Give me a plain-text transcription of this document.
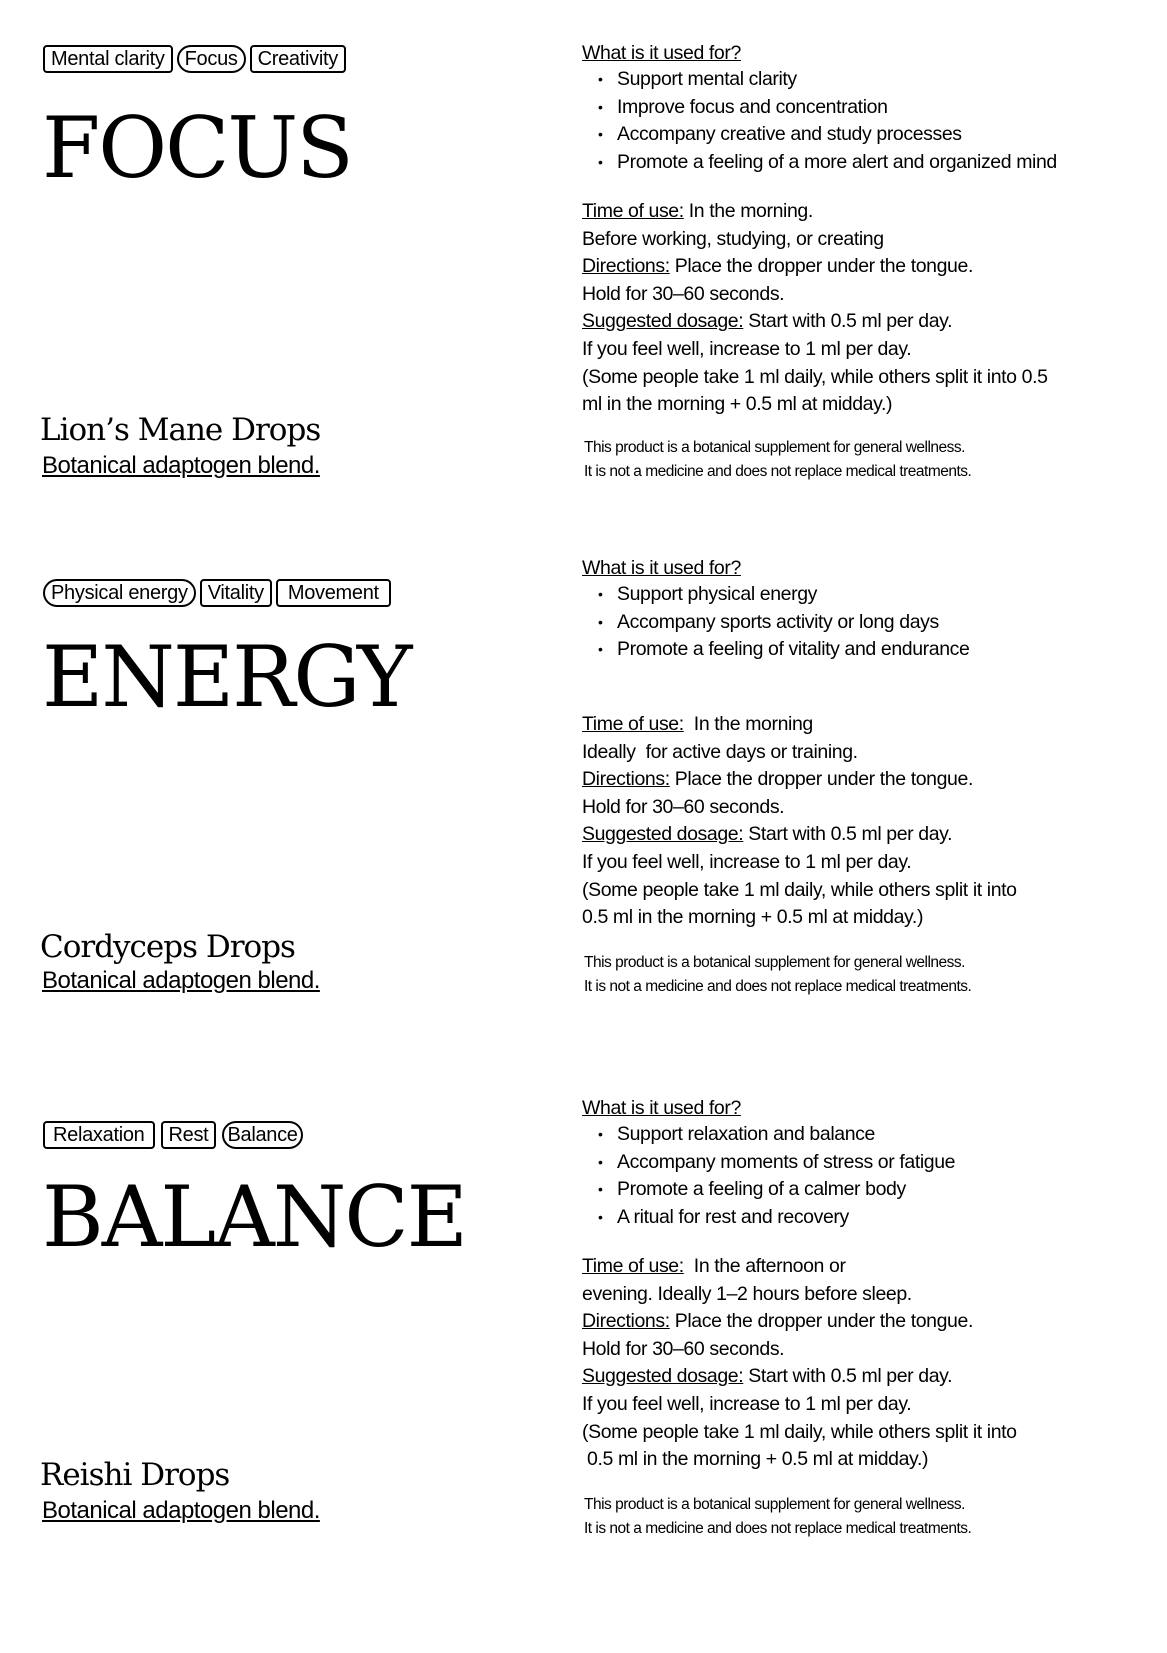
Mental clarity	Focus	Creativity
FOCUS
Lion’s Mane Drops
Botanical adaptogen blend.
What is it used for?
• Support mental clarity
• Improve focus and concentration
• Accompany creative and study processes
• Promote a feeling of a more alert and organized mind
Time of use: In the morning.
Before working, studying, or creating
Directions: Place the dropper under the tongue.
Hold for 30–60 seconds.
Suggested dosage: Start with 0.5 ml per day.
If you feel well, increase to 1 ml per day.
(Some people take 1 ml daily, while others split it into 0.5
ml in the morning + 0.5 ml at midday.)
This product is a botanical supplement for general wellness.
It is not a medicine and does not replace medical treatments.
Physical energy	Vitality	Movement
ENERGY
Cordyceps Drops
Botanical adaptogen blend.
What is it used for?
• Support physical energy
• Accompany sports activity or long days
• Promote a feeling of vitality and endurance
Time of use:  In the morning
Ideally  for active days or training.
Directions: Place the dropper under the tongue.
Hold for 30–60 seconds.
Suggested dosage: Start with 0.5 ml per day.
If you feel well, increase to 1 ml per day.
(Some people take 1 ml daily, while others split it into
0.5 ml in the morning + 0.5 ml at midday.)
This product is a botanical supplement for general wellness.
It is not a medicine and does not replace medical treatments.
Relaxation	Rest Balance
BALANCE
Reishi Drops
Botanical adaptogen blend.
What is it used for?
• Support relaxation and balance
• Accompany moments of stress or fatigue
• Promote a feeling of a calmer body
• A ritual for rest and recovery
Time of use:  In the afternoon or
evening. Ideally 1–2 hours before sleep.
Directions: Place the dropper under the tongue.
Hold for 30–60 seconds.
Suggested dosage: Start with 0.5 ml per day.
If you feel well, increase to 1 ml per day.
(Some people take 1 ml daily, while others split it into
0.5 ml in the morning + 0.5 ml at midday.)
This product is a botanical supplement for general wellness.
It is not a medicine and does not replace medical treatments.
